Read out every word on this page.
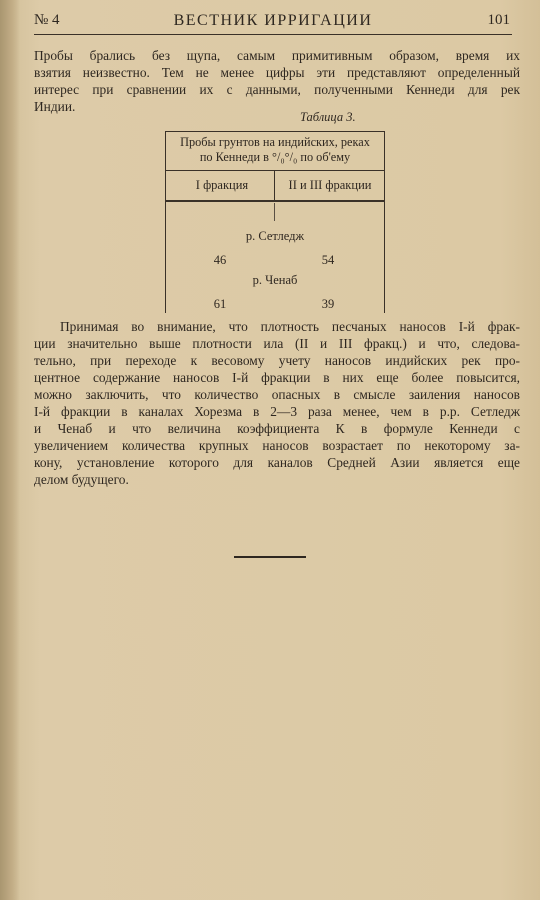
№ 4	ВЕСТНИК ИРРИГАЦИИ	101

Пробы брались без щупа, самым примитивным образом, время их
взятия неизвестно. Тем не менее цифры эти представляют определенный
интерес при сравнении их с данными, полученными Кеннеди для рек
Индии.

Таблица 3.
Пробы грунтов на индийских, реках
по Кеннеди в °/₀°/₀ по об'ему
I фракция	II и III фракции
р. Сетледж
46	54
р. Ченаб
61	39

Принимая во внимание, что плотность песчаных наносов I-й фрак-
ции значительно выше плотности ила (II и III фракц.) и что, следова-
тельно, при переходе к весовому учету наносов индийских рек про-
центное содержание наносов I-й фракции в них еще более повысится,
можно заключить, что количество опасных в смысле заиления наносов
I-й фракции в каналах Хорезма в 2—3 раза менее, чем в р.р. Сетледж
и Ченаб и что величина коэффициента К в формуле Кеннеди с
увеличением количества крупных наносов возрастает по некоторому за-
кону, установление которого для каналов Средней Азии является еще
делом будущего.
